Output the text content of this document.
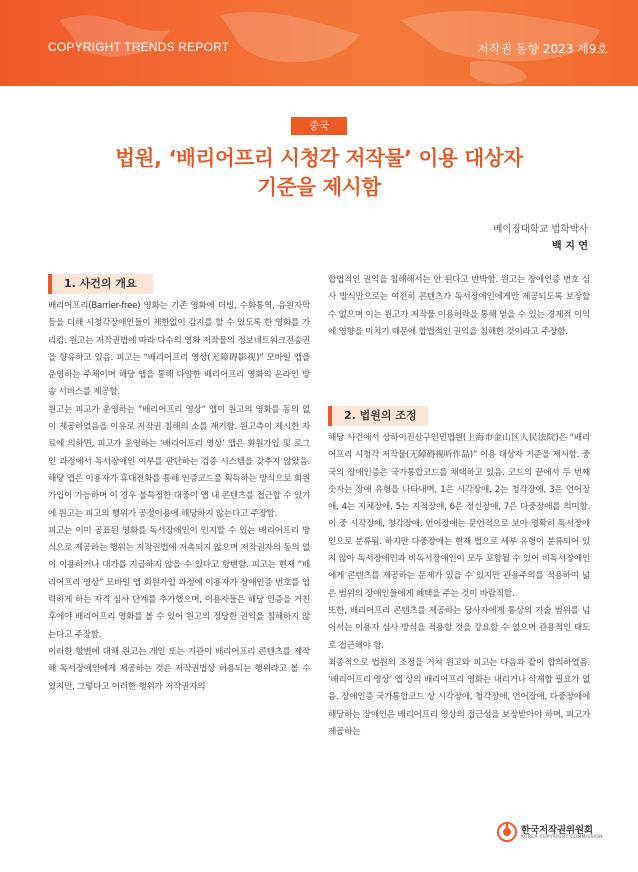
COPYRIGHT TRENDS REPORT	저작권 동향 2023 제9호
중국
법원, ‘배리어프리 시청각 저작물’ 이용 대상자
기준을 제시함
베이징대학교 법학박사
백 지 연
1. 사건의 개요

배리어프리(Barrier-free) 영화는 기존 영화에 더빙, 수화통역, 음원자막 등을 더해 시청각장애인들이 제한없이 감지를 할 수 있도록 한 영화를 가리킴. 원고는 저작권법에 따라 다수의 영화 저작물의 정보네트워크전송권을 향유하고 있음. 피고는 “배리어프리 영상(无障碍影视)” 모바일 앱을 운영하는 주체이며 해당 앱을 통해 다양한 배리어프리 영화의 온라인 방송 서비스를 제공함.

원고는 피고가 운영하는 “배리어프리 영상” 앱이 원고의 영화를 동의 없이 제공하였음을 이유로 저작권 침해의 소를 제기함. 원고측이 제시한 자료에 의하면, 피고가 운영하는 ‘배리어프리 영상’ 앱은 회원가입 및 로그인 과정에서 독서장애인 여부를 판단하는 검증 시스템을 갖추지 않았음. 해당 앱은 이용자가 휴대전화를 통해 인증코드를 획득하는 방식으로 회원가입이 가능하며 이 경우 불특정한 대중이 앱 내 콘텐츠를 접근할 수 있기에 원고는 피고의 행위가 공정이용에 해당하지 않는다고 주장함.

피고는 이미 공표된 영화를 독서장애인이 인지할 수 있는 배리어프리 방식으로 제공하는 행위는 저작권법에 저촉되지 않으며 저작권자의 동의 없이 이용하거나 대가를 지급하지 않을 수 있다고 항변함. 피고는 현재 “배리어프리 영상” 모바일 앱 회원가입 과정에 이용자가 장애인증 번호를 입력하게 하는 자격 심사 단계를 추가했으며, 이용자들은 해당 인증을 거친 후에야 배리어프리 영화를 볼 수 있어 원고의 정당한 권익을 침해하지 않는다고 주장함.

이러한 항변에 대해 원고는 개인 또는 기관이 배리어프리 콘텐츠를 제작해 독서장애인에게 제공하는 것은 저작권법상 허용되는 행위라고 볼 수 있지만, 그렇다고 이러한 행위가 저작권자의

합법적인 권익을 침해해서는 안 된다고 반박함. 원고는 장애인증 번호 심사 방식만으로는 여전히 콘텐츠가 독서장애인에게만 제공되도록 보장할 수 없으며 이는 원고가 저작물 이용허락을 통해 얻을 수 있는 경제적 이익에 영향을 미치기 때문에 합법적인 권익을 침해한 것이라고 주장함.

2. 법원의 조정

해당 사건에서 상하이진산구인민법원(上海市金山区人民法院)은 “배리어프리 시청각 저작물(无障碍视听作品)” 이용 대상자 기준을 제시함. 중국의 장애인증은 국가통합코드를 채택하고 있음. 코드의 끝에서 두 번째 숫자는 장애 유형을 나타내며, 1은 시각장애, 2는 청각장애, 3은 언어장애, 4는 지체장애, 5는 지적장애, 6은 정신장애, 7은 다중장애를 의미함. 이 중 시각장애, 청각장애, 언어장애는 문언적으로 보아 명확히 독서장애인으로 분류됨. 하지만 다중장애는 현재 법으로 세부 유형이 분류되어 있지 않아 독서장애인과 비독서장애인이 모두 포함될 수 있어 비독서장애인에게 콘텐츠를 제공하는 문제가 있을 수 있지만 관용주의를 적용하여 넓은 범위의 장애인들에게 혜택을 주는 것이 바람직함.

또한, 배리어프리 콘텐츠를 제공하는 당사자에게 통상의 기술 범위를 넘어서는 이용자 심사 방식을 적용할 것을 강요할 수 없으며 관용적인 태도로 접근해야 함.

최종적으로 법원의 조정을 거쳐 원고와 피고는 다음과 같이 합의하였음. ‘배리어프리 영상’ 앱 상의 배리어프리 영화는 내리거나 삭제할 필요가 없음. 장애인증 국가통합코드 상 시각장애, 청각장애, 언어장애, 다중장애에 해당하는 장애인은 배리어프리 영상의 접근성을 보장받아야 하며, 피고가 제공하는

한국저작권위원회
KOREA COPYRIGHT COMMISSION
